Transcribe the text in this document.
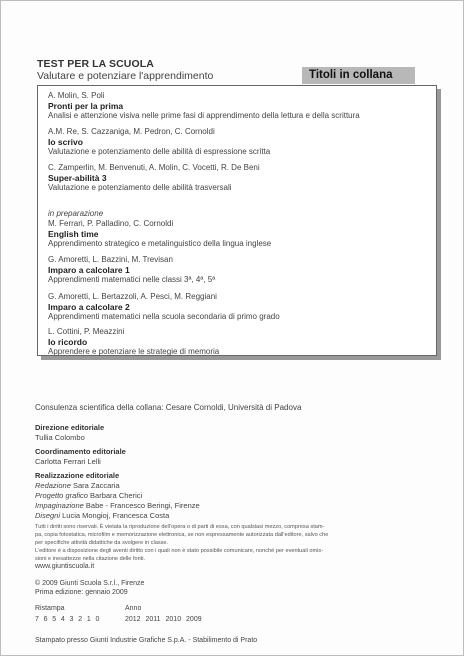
TEST PER LA SCUOLA
Valutare e potenziare l'apprendimento	Titoli in collana
A. Molin, S. Poli
Pronti per la prima
Analisi e attenzione visiva nelle prime fasi di apprendimento della lettura e della scrittura
A.M. Re, S. Cazzaniga, M. Pedron, C. Cornoldi
Io scrivo
Valutazione e potenziamento delle abilità di espressione scritta
C. Zamperlin, M. Benvenuti, A. Molin, C. Vocetti, R. De Beni
Super-abilità 3
Valutazione e potenziamento delle abilità trasversali
in preparazione
M. Ferrari, P. Palladino, C. Cornoldi
English time
Apprendimento strategico e metalinguistico della lingua inglese
G. Amoretti, L. Bazzini, M. Trevisan
Imparo a calcolare 1
Apprendimenti matematici nelle classi 3ª, 4ª, 5ª
G. Amoretti, L. Bertazzoli, A. Pesci, M. Reggiani
Imparo a calcolare 2
Apprendimenti matematici nella scuola secondaria di primo grado
L. Cottini, P. Meazzini
Io ricordo
Apprendere e potenziare le strategie di memoria
Consulenza scientifica della collana: Cesare Cornoldi, Università di Padova
Direzione editoriale
Tullia Colombo
Coordinamento editoriale
Carlotta Ferrari Lelli
Realizzazione editoriale
Redazione Sara Zaccaria
Progetto grafico Barbara Cherici
Impaginazione Babe - Francesco Beringi, Firenze
Disegni Lucia Mongioj, Francesca Costa
Tutti i diritti sono riservati. È vietata la riproduzione dell'opera o di parti di essa, con qualsiasi mezzo, compresa stam-
pa, copia fotostatica, microfilm e memorizzazione elettronica, se non espressamente autorizzata dall'editore, salvo che
per specifiche attività didattiche da svolgere in classe.
L'editore è a disposizione degli aventi diritto con i quali non è stato possibile comunicare, nonché per eventuali omis-
sioni e inesattezze nella citazione delle fonti.
www.giuntiscuola.it
© 2009 Giunti Scuola S.r.l., Firenze
Prima edizione: gennaio 2009
Ristampa	Anno
7 6 5 4 3 2 1 0	2012 2011 2010 2009
Stampato presso Giunti Industrie Grafiche S.p.A. - Stabilimento di Prato
